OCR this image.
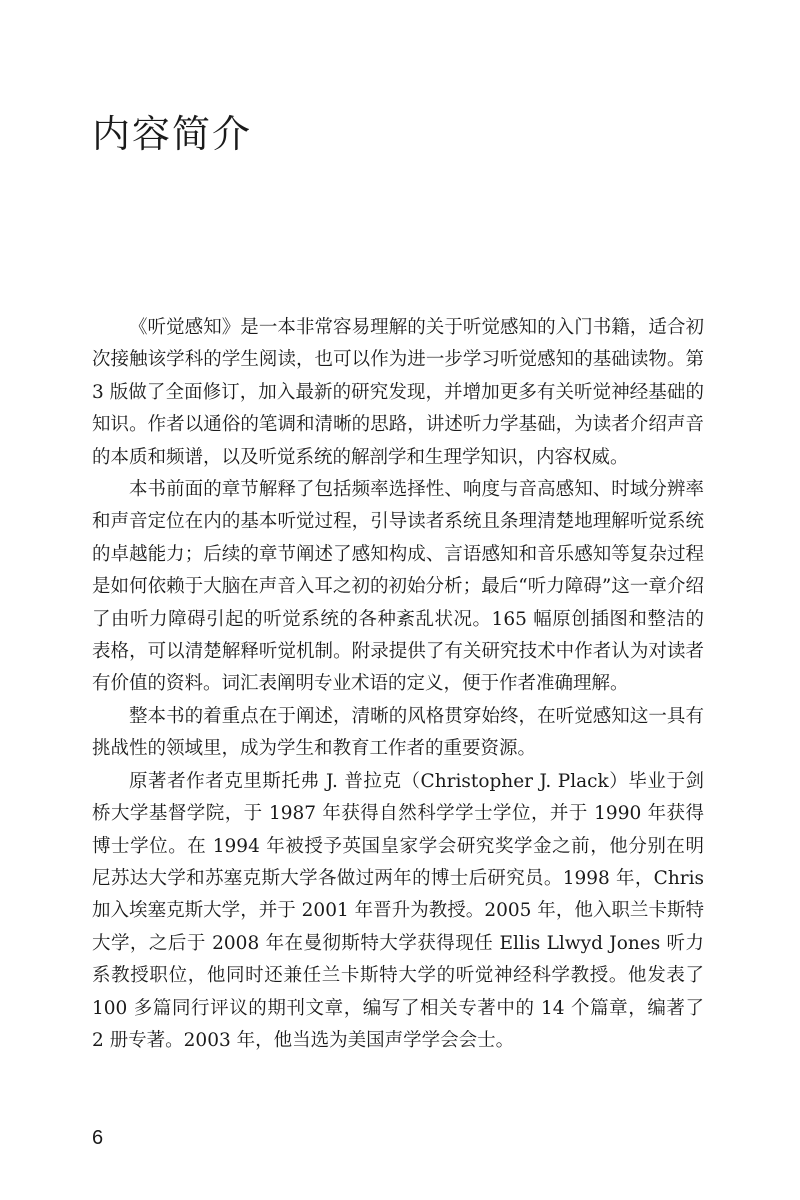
内容简介

《听觉感知》是一本非常容易理解的关于听觉感知的入门书籍，适合初次接触该学科的学生阅读，也可以作为进一步学习听觉感知的基础读物。第 3 版做了全面修订，加入最新的研究发现，并增加更多有关听觉神经基础的知识。作者以通俗的笔调和清晰的思路，讲述听力学基础，为读者介绍声音的本质和频谱，以及听觉系统的解剖学和生理学知识，内容权威。

本书前面的章节解释了包括频率选择性、响度与音高感知、时域分辨率和声音定位在内的基本听觉过程，引导读者系统且条理清楚地理解听觉系统的卓越能力；后续的章节阐述了感知构成、言语感知和音乐感知等复杂过程是如何依赖于大脑在声音入耳之初的初始分析；最后“听力障碍”这一章介绍了由听力障碍引起的听觉系统的各种紊乱状况。165 幅原创插图和整洁的表格，可以清楚解释听觉机制。附录提供了有关研究技术中作者认为对读者有价值的资料。词汇表阐明专业术语的定义，便于作者准确理解。

整本书的着重点在于阐述，清晰的风格贯穿始终，在听觉感知这一具有挑战性的领域里，成为学生和教育工作者的重要资源。

原著者作者克里斯托弗 J. 普拉克（Christopher J. Plack）毕业于剑桥大学基督学院，于 1987 年获得自然科学学士学位，并于 1990 年获得博士学位。在 1994 年被授予英国皇家学会研究奖学金之前，他分别在明尼苏达大学和苏塞克斯大学各做过两年的博士后研究员。1998 年，Chris 加入埃塞克斯大学，并于 2001 年晋升为教授。2005 年，他入职兰卡斯特大学，之后于 2008 年在曼彻斯特大学获得现任 Ellis Llwyd Jones 听力系教授职位，他同时还兼任兰卡斯特大学的听觉神经科学教授。他发表了 100 多篇同行评议的期刊文章，编写了相关专著中的 14 个篇章，编著了 2 册专著。2003 年，他当选为美国声学学会会士。

6
